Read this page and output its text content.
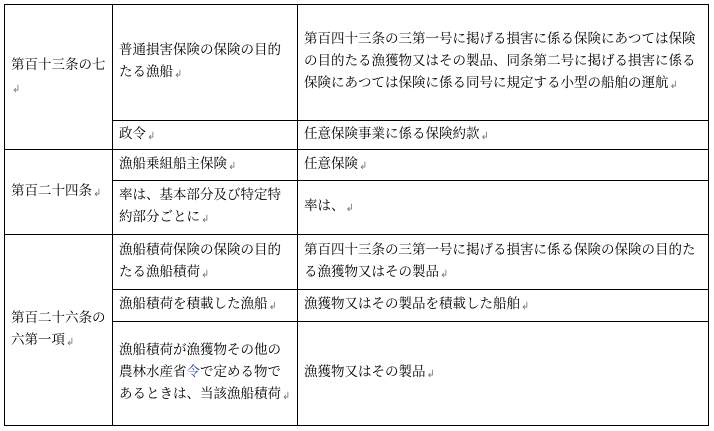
第百十三条の七↲	普通損害保険の保険の目的たる漁船↲	第百四十三条の三第一号に掲げる損害に係る保険にあつては保険の目的たる漁獲物又はその製品、同条第二号に掲げる損害に係る保険にあつては保険に係る同号に規定する小型の船舶の運航↲
	政令↲	任意保険事業に係る保険約款↲
第百二十四条↲	漁船乗組船主保険↲	任意保険↲
	率は、基本部分及び特定特約部分ごとに↲	率は、↲
第百二十六条の六第一項↲	漁船積荷保険の保険の目的たる漁船積荷↲	第百四十三条の三第一号に掲げる損害に係る保険の保険の目的たる漁獲物又はその製品↲
	漁船積荷を積載した漁船↲	漁獲物又はその製品を積載した船舶↲
	漁船積荷が漁獲物その他の農林水産省令で定める物であるときは、当該漁船積荷↲	漁獲物又はその製品↲
